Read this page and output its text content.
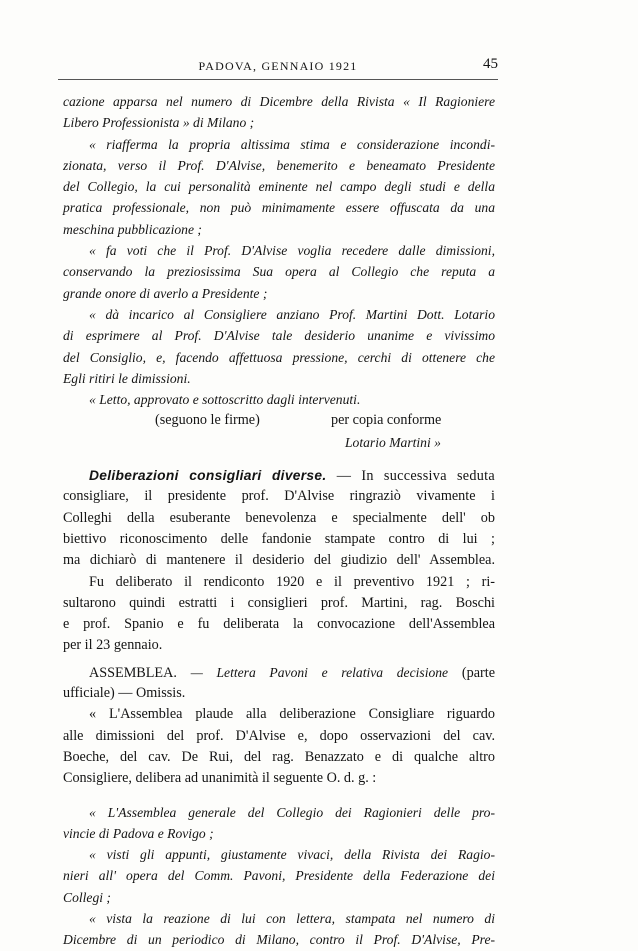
PADOVA, GENNAIO 1921	45
cazione apparsa nel numero di Dicembre della Rivista « Il Ragioniere
Libero Professionista » di Milano ;
« riafferma la propria altissima stima e considerazione incondi-
zionata, verso il Prof. D'Alvise, benemerito e beneamato Presidente
del Collegio, la cui personalità eminente nel campo degli studi e della
pratica professionale, non può minimamente essere offuscata da una
meschina pubblicazione ;
« fa voti che il Prof. D'Alvise voglia recedere dalle dimissioni,
conservando la preziosissima Sua opera al Collegio che reputa a
grande onore di averlo a Presidente ;
« dà incarico al Consigliere anziano Prof. Martini Dott. Lotario
di esprimere al Prof. D'Alvise tale desiderio unanime e vivissimo
del Consiglio, e, facendo affettuosa pressione, cerchi di ottenere che
Egli ritiri le dimissioni.
« Letto, approvato e sottoscritto dagli intervenuti.
(seguono le firme)	per copia conforme
Lotario Martini »
Deliberazioni consigliari diverse. — In successiva seduta
consigliare, il presidente prof. D'Alvise ringraziò vivamente i
Colleghi della esuberante benevolenza e specialmente dell' ob
biettivo riconoscimento delle fandonie stampate contro di lui ;
ma dichiarò di mantenere il desiderio del giudizio dell' Assemblea.
Fu deliberato il rendiconto 1920 e il preventivo 1921 ; ri-
sultarono quindi estratti i consiglieri prof. Martini, rag. Boschi
e prof. Spanio e fu deliberata la convocazione dell'Assemblea
per il 23 gennaio.
ASSEMBLEA. — Lettera Pavoni e relativa decisione (parte
ufficiale) — Omissis.
« L'Assemblea plaude alla deliberazione Consigliare riguardo
alle dimissioni del prof. D'Alvise e, dopo osservazioni del cav.
Boeche, del cav. De Rui, del rag. Benazzato e di qualche altro
Consigliere, delibera ad unanimità il seguente O. d. g. :
« L'Assemblea generale del Collegio dei Ragionieri delle pro-
vincie di Padova e Rovigo ;
« visti gli appunti, giustamente vivaci, della Rivista dei Ragio-
nieri all' opera del Comm. Pavoni, Presidente della Federazione dei
Collegi ;
« vista la reazione di lui con lettera, stampata nel numero di
Dicembre di un periodico di Milano, contro il Prof. D'Alvise, Pre-
